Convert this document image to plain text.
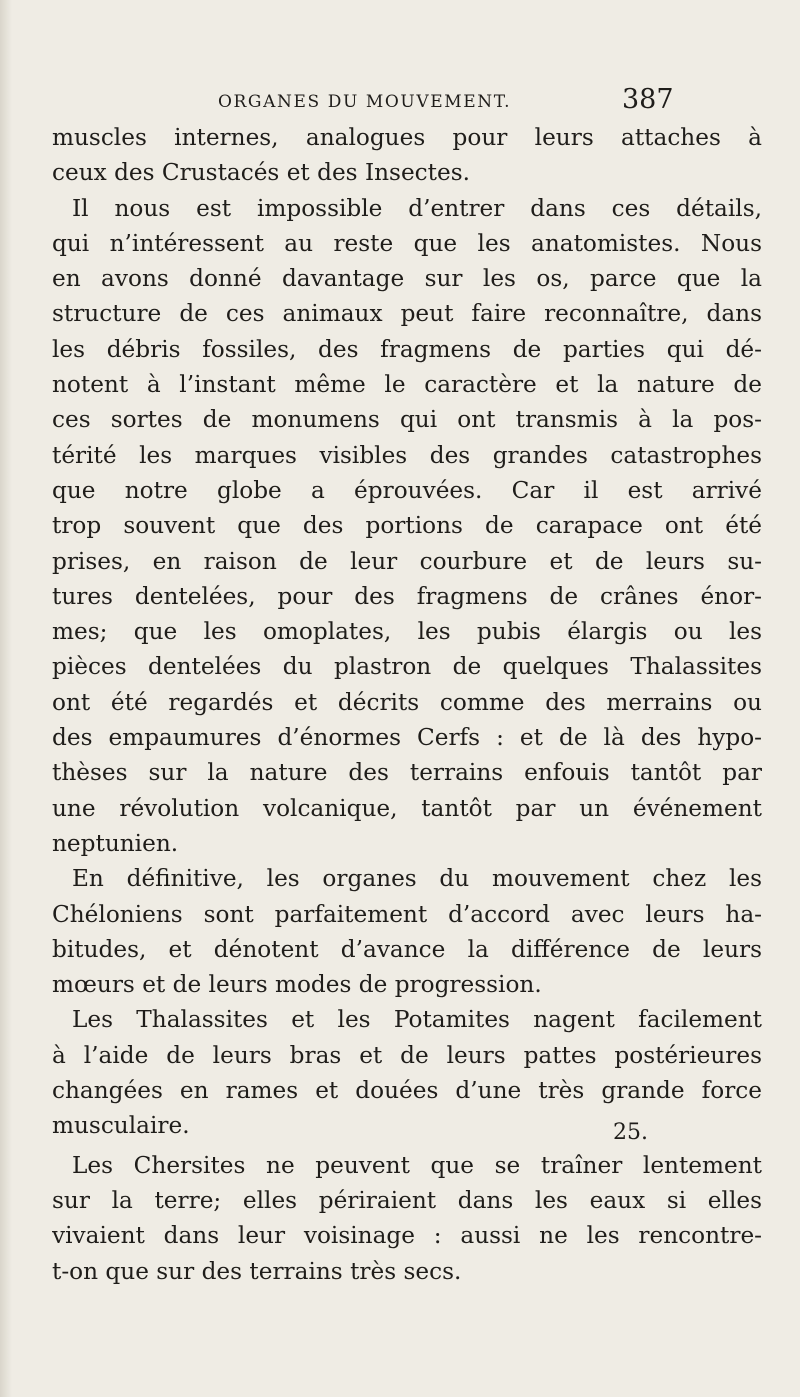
ORGANES DU MOUVEMENT.	387
muscles internes, analogues pour leurs attaches à
ceux des Crustacés et des Insectes.
Il nous est impossible d’entrer dans ces détails,
qui n’intéressent au reste que les anatomistes. Nous
en avons donné davantage sur les os, parce que la
structure de ces animaux peut faire reconnaître, dans
les débris fossiles, des fragmens de parties qui dé-
notent à l’instant même le caractère et la nature de
ces sortes de monumens qui ont transmis à la pos-
térité les marques visibles des grandes catastrophes
que notre globe a éprouvées. Car il est arrivé
trop souvent que des portions de carapace ont été
prises, en raison de leur courbure et de leurs su-
tures dentelées, pour des fragmens de crânes énor-
mes; que les omoplates, les pubis élargis ou les
pièces dentelées du plastron de quelques Thalassites
ont été regardés et décrits comme des merrains ou
des empaumures d’énormes Cerfs : et de là des hypo-
thèses sur la nature des terrains enfouis tantôt par
une révolution volcanique, tantôt par un événement
neptunien.
En définitive, les organes du mouvement chez les
Chéloniens sont parfaitement d’accord avec leurs ha-
bitudes, et dénotent d’avance la différence de leurs
mœurs et de leurs modes de progression.
Les Thalassites et les Potamites nagent facilement
à l’aide de leurs bras et de leurs pattes postérieures
changées en rames et douées d’une très grande force
musculaire.
Les Chersites ne peuvent que se traîner lentement
sur la terre; elles périraient dans les eaux si elles
vivaient dans leur voisinage : aussi ne les rencontre-
t-on que sur des terrains très secs.
25.
